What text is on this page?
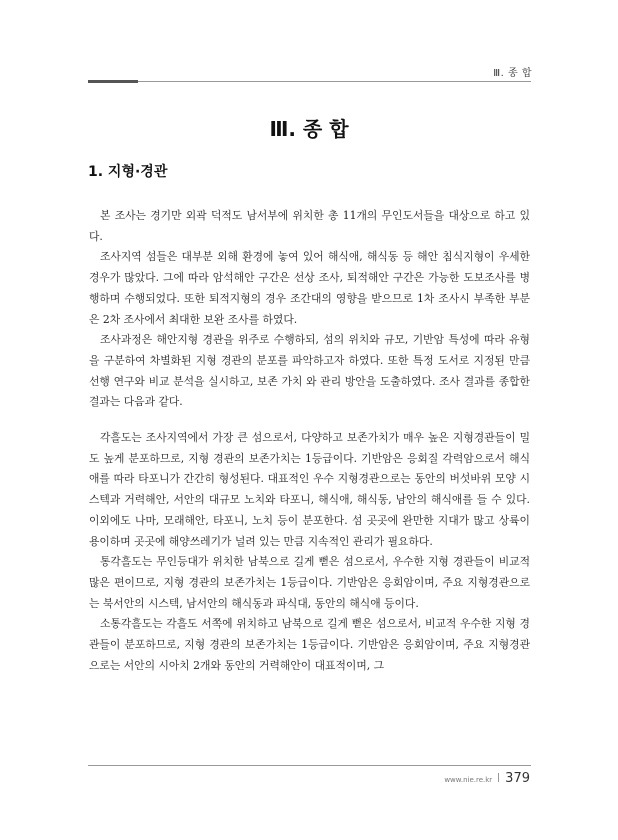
Ⅲ. 종 합
Ⅲ. 종 합
1. 지형·경관

본 조사는 경기만 외곽 덕적도 남서부에 위치한 총 11개의 무인도서들을 대상으로 하고 있다.

조사지역 섬들은 대부분 외해 환경에 놓여 있어 해식애, 해식동 등 해안 침식지형이 우세한 경우가 많았다. 그에 따라 암석해안 구간은 선상 조사, 퇴적해안 구간은 가능한 도보조사를 병행하며 수행되었다. 또한 퇴적지형의 경우 조간대의 영향을 받으므로 1차 조사시 부족한 부분은 2차 조사에서 최대한 보완 조사를 하였다.

조사과정은 해안지형 경관을 위주로 수행하되, 섬의 위치와 규모, 기반암 특성에 따라 유형을 구분하여 차별화된 지형 경관의 분포를 파악하고자 하였다. 또한 특정 도서로 지정된 만큼 선행 연구와 비교 분석을 실시하고, 보존 가치 와 관리 방안을 도출하였다. 조사 결과를 종합한 결과는 다음과 같다.

각흘도는 조사지역에서 가장 큰 섬으로서, 다양하고 보존가치가 매우 높은 지형경관들이 밀도 높게 분포하므로, 지형 경관의 보존가치는 1등급이다. 기반암은 응회질 각력암으로서 해식애를 따라 타포니가 간간히 형성된다. 대표적인 우수 지형경관으로는 동안의 버섯바위 모양 시스텍과 거력해안, 서안의 대규모 노치와 타포니, 해식애, 해식동, 남안의 해식애를 들 수 있다. 이외에도 나마, 모래해안, 타포니, 노치 등이 분포한다. 섬 곳곳에 완만한 지대가 많고 상륙이 용이하며 곳곳에 해양쓰레기가 널려 있는 만큼 지속적인 관리가 필요하다.

통각흘도는 무인등대가 위치한 남북으로 길게 뻗은 섬으로서, 우수한 지형 경관들이 비교적 많은 편이므로, 지형 경관의 보존가치는 1등급이다. 기반암은 응회암이며, 주요 지형경관으로는 북서안의 시스텍, 남서안의 해식동과 파식대, 동안의 해식애 등이다.

소통각흘도는 각흘도 서쪽에 위치하고 남북으로 길게 뻗은 섬으로서, 비교적 우수한 지형 경관들이 분포하므로, 지형 경관의 보존가치는 1등급이다. 기반암은 응회암이며, 주요 지형경관으로는 서안의 시아치 2개와 동안의 거력해안이 대표적이며, 그

www.nie.re.kr 379
